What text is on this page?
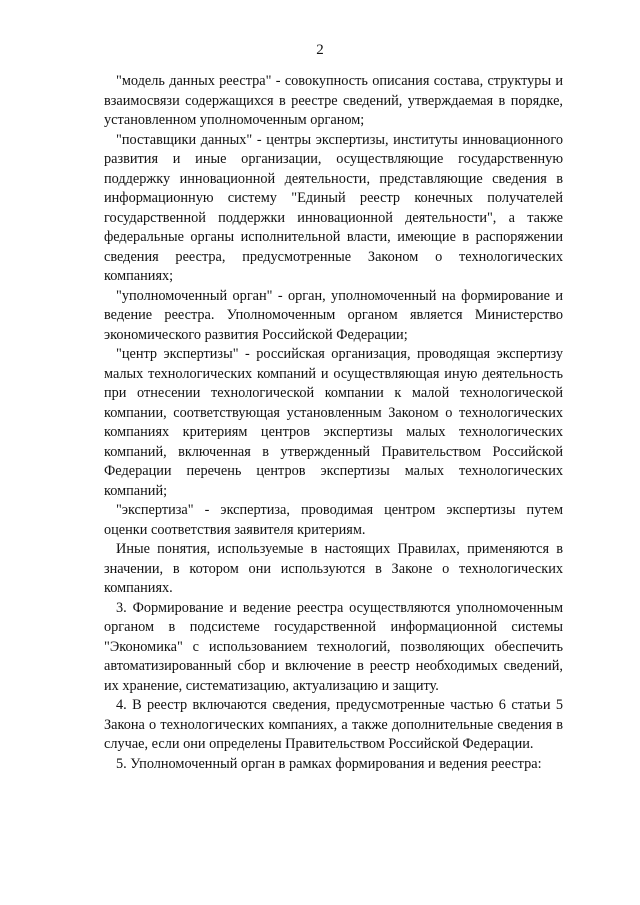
2

"модель данных реестра" - совокупность описания состава, структуры и взаимосвязи содержащихся в реестре сведений, утверждаемая в порядке, установленном уполномоченным органом;

"поставщики данных" - центры экспертизы, институты инновационного развития и иные организации, осуществляющие государственную поддержку инновационной деятельности, представляющие сведения в информационную систему "Единый реестр конечных получателей государственной поддержки инновационной деятельности", а также федеральные органы исполнительной власти, имеющие в распоряжении сведения реестра, предусмотренные Законом о технологических компаниях;

"уполномоченный орган" - орган, уполномоченный на формирование и ведение реестра. Уполномоченным органом является Министерство экономического развития Российской Федерации;

"центр экспертизы" - российская организация, проводящая экспертизу малых технологических компаний и осуществляющая иную деятельность при отнесении технологической компании к малой технологической компании, соответствующая установленным Законом о технологических компаниях критериям центров экспертизы малых технологических компаний, включенная в утвержденный Правительством Российской Федерации перечень центров экспертизы малых технологических компаний;

"экспертиза" - экспертиза, проводимая центром экспертизы путем оценки соответствия заявителя критериям.

Иные понятия, используемые в настоящих Правилах, применяются в значении, в котором они используются в Законе о технологических компаниях.

3. Формирование и ведение реестра осуществляются уполномоченным органом в подсистеме государственной информационной системы "Экономика" с использованием технологий, позволяющих обеспечить автоматизированный сбор и включение в реестр необходимых сведений, их хранение, систематизацию, актуализацию и защиту.

4. В реестр включаются сведения, предусмотренные частью 6 статьи 5 Закона о технологических компаниях, а также дополнительные сведения в случае, если они определены Правительством Российской Федерации.

5. Уполномоченный орган в рамках формирования и ведения реестра:
